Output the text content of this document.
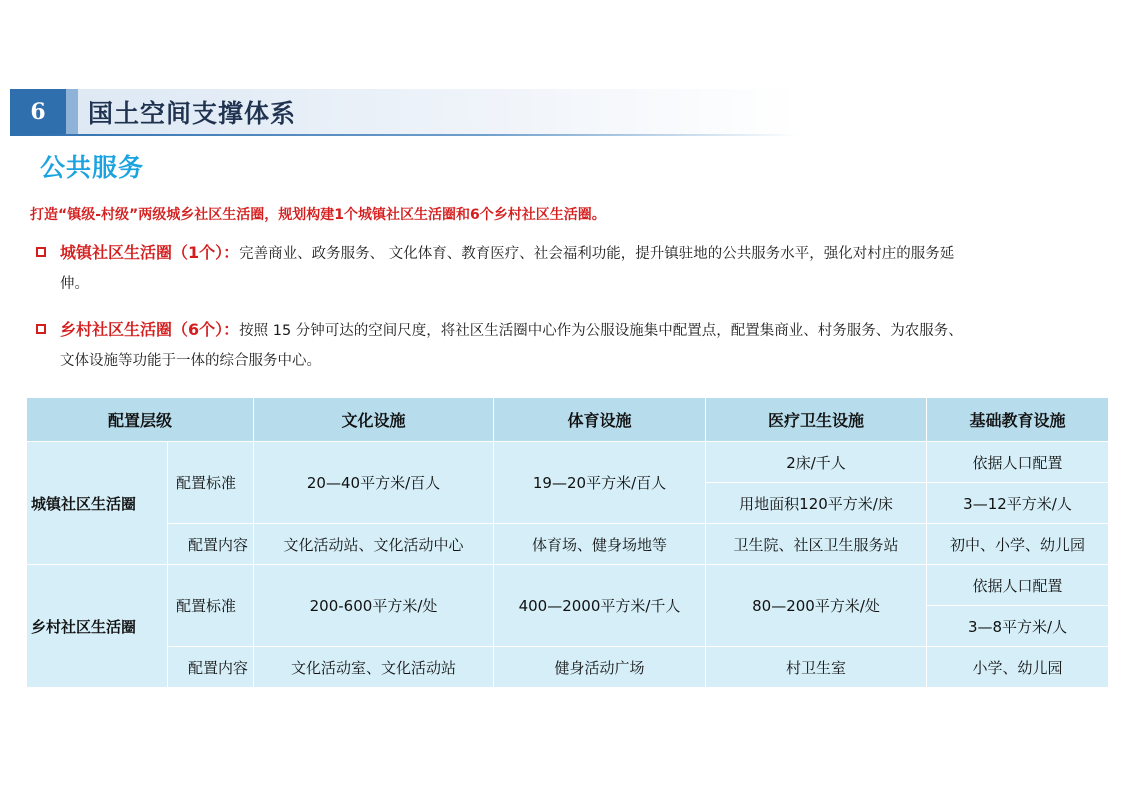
6	国土空间支撑体系
公共服务
打造“镇级-村级”两级城乡社区生活圈，规划构建1个城镇社区生活圈和6个乡村社区生活圈。
城镇社区生活圈（1个）：完善商业、政务服务、 文化体育、教育医疗、社会福利功能，提升镇驻地的公共服务水平，强化对村庄的服务延
伸。
乡村社区生活圈（6个）：按照 15 分钟可达的空间尺度，将社区生活圈中心作为公服设施集中配置点，配置集商业、村务服务、为农服务、
文体设施等功能于一体的综合服务中心。
配置层级		文化设施	体育设施	医疗卫生设施	基础教育设施
城镇社区生活圈	配置标准	20—40平方米/百人	19—20平方米/百人	2床/千人	依据人口配置
				用地面积120平方米/床	3—12平方米/人
	配置内容	文化活动站、文化活动中心	体育场、健身场地等	卫生院、社区卫生服务站	初中、小学、幼儿园
乡村社区生活圈	配置标准	200-600平方米/处	400—2000平方米/千人	80—200平方米/处	依据人口配置
					3—8平方米/人
	配置内容	文化活动室、文化活动站	健身活动广场	村卫生室	小学、幼儿园
